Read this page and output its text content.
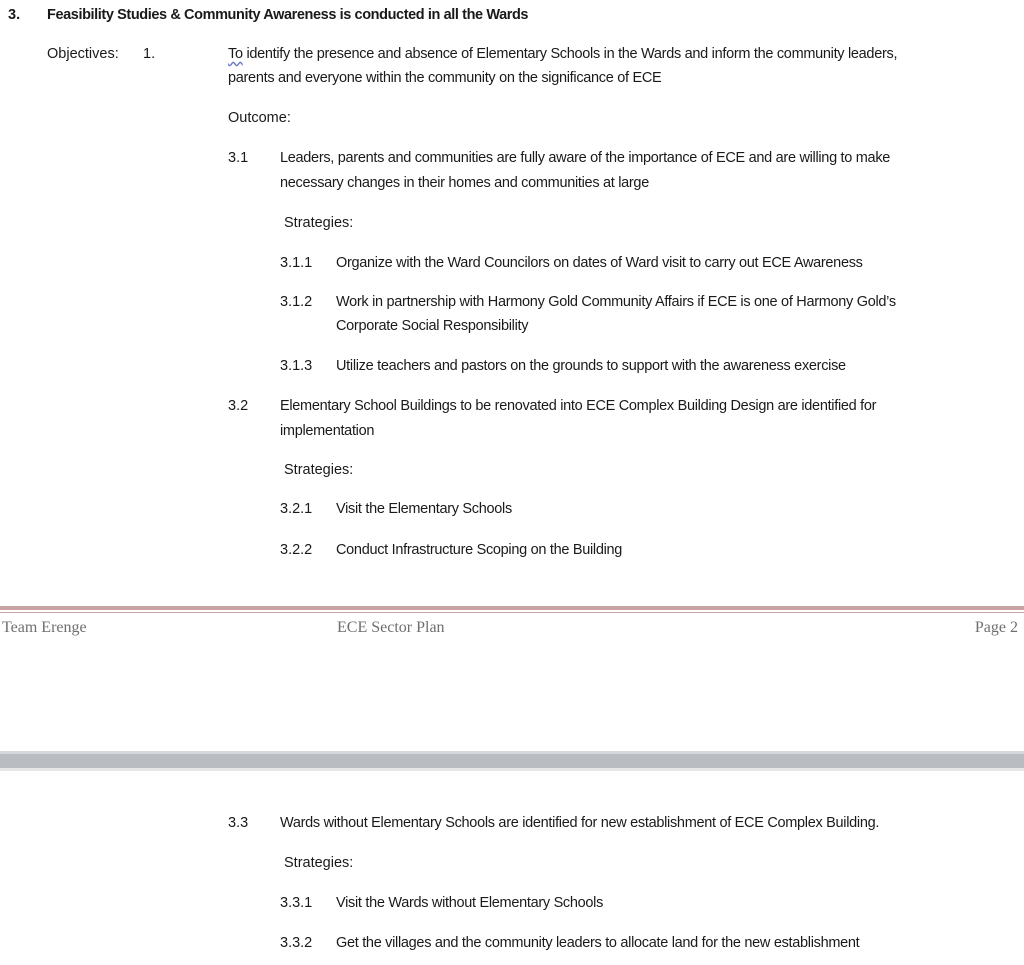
3. Feasibility Studies & Community Awareness is conducted in all the Wards
Objectives: 1.	To identify the presence and absence of Elementary Schools in the Wards and inform the community leaders,
parents and everyone within the community on the significance of ECE
Outcome:
3.1 Leaders, parents and communities are fully aware of the importance of ECE and are willing to make
necessary changes in their homes and communities at large
Strategies:
3.1.1 Organize with the Ward Councilors on dates of Ward visit to carry out ECE Awareness
3.1.2 Work in partnership with Harmony Gold Community Affairs if ECE is one of Harmony Gold’s
Corporate Social Responsibility
3.1.3 Utilize teachers and pastors on the grounds to support with the awareness exercise
3.2 Elementary School Buildings to be renovated into ECE Complex Building Design are identified for
implementation
Strategies:
3.2.1 Visit the Elementary Schools
3.2.2 Conduct Infrastructure Scoping on the Building
Team Erenge	ECE Sector Plan	Page 2
3.3 Wards without Elementary Schools are identified for new establishment of ECE Complex Building.
Strategies:
3.3.1 Visit the Wards without Elementary Schools
3.3.2 Get the villages and the community leaders to allocate land for the new establishment
